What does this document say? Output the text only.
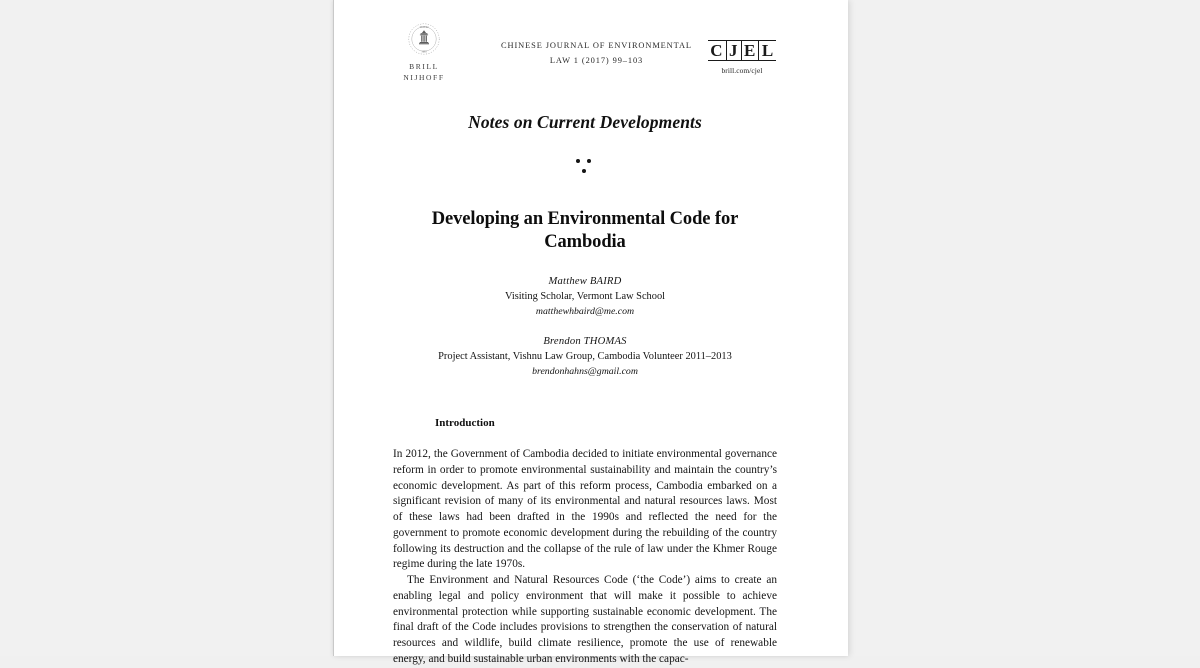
TUITIO
1683
BRILL
NIJHOFF
CHINESE JOURNAL OF ENVIRONMENTAL
LAW 1 (2017) 99–103
C J E L
brill.com/cjel
Notes on Current Developments
Developing an Environmental Code for Cambodia
Matthew BAIRD
Visiting Scholar, Vermont Law School
matthewhbaird@me.com
Brendon THOMAS
Project Assistant, Vishnu Law Group, Cambodia Volunteer 2011–2013
brendonhahns@gmail.com
Introduction

In 2012, the Government of Cambodia decided to initiate environmental governance reform in order to promote environmental sustainability and maintain the country’s economic development. As part of this reform process, Cambodia embarked on a significant revision of many of its environmental and natural resources laws. Most of these laws had been drafted in the 1990s and reflected the need for the government to promote economic development during the rebuilding of the country following its destruction and the collapse of the rule of law under the Khmer Rouge regime during the late 1970s.

The Environment and Natural Resources Code (‘the Code’) aims to create an enabling legal and policy environment that will make it possible to achieve environmental protection while supporting sustainable economic development. The final draft of the Code includes provisions to strengthen the conservation of natural resources and wildlife, build climate resilience, promote the use of renewable energy, and build sustainable urban environments with the capac-
